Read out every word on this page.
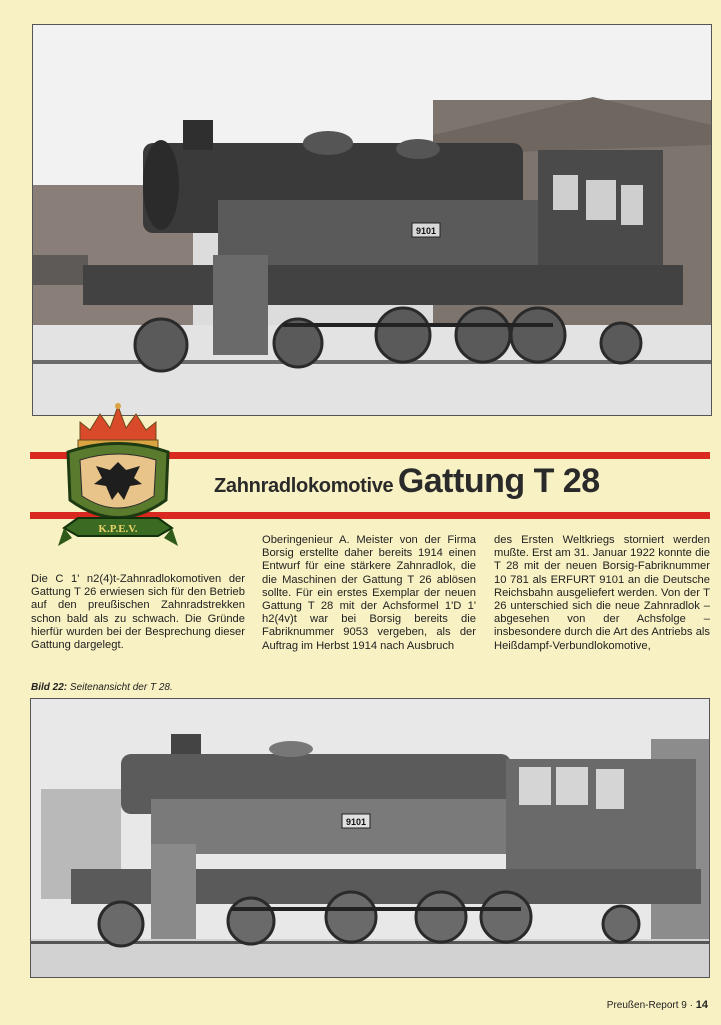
9101
K.P.E.V.
Zahnradlokomotive Gattung T 28
Die C 1' n2(4)t-Zahnradlokomotiven der Gattung T 26 erwiesen sich für den Betrieb auf den preußischen Zahnradstrekken schon bald als zu schwach. Die Gründe hierfür wurden bei der Besprechung dieser Gattung dargelegt.
Oberingenieur A. Meister von der Firma Borsig erstellte daher bereits 1914 einen Entwurf für eine stärkere Zahnradlok, die die Maschinen der Gattung T 26 ablösen sollte. Für ein erstes Exemplar der neuen Gattung T 28 mit der Achsformel 1'D 1' h2(4v)t war bei Borsig bereits die Fabriknummer 9053 vergeben, als der Auftrag im Herbst 1914 nach Ausbruch
des Ersten Weltkriegs storniert werden mußte. Erst am 31. Januar 1922 konnte die T 28 mit der neuen Borsig-Fabriknummer 10 781 als ERFURT 9101 an die Deutsche Reichsbahn ausgeliefert werden. Von der T 26 unterschied sich die neue Zahnradlok – abgesehen von der Achsfolge – insbesondere durch die Art des Antriebs als Heißdampf-Verbundlokomotive,
Bild 22: Seitenansicht der T 28.
9101
Preußen-Report 9 · 14
